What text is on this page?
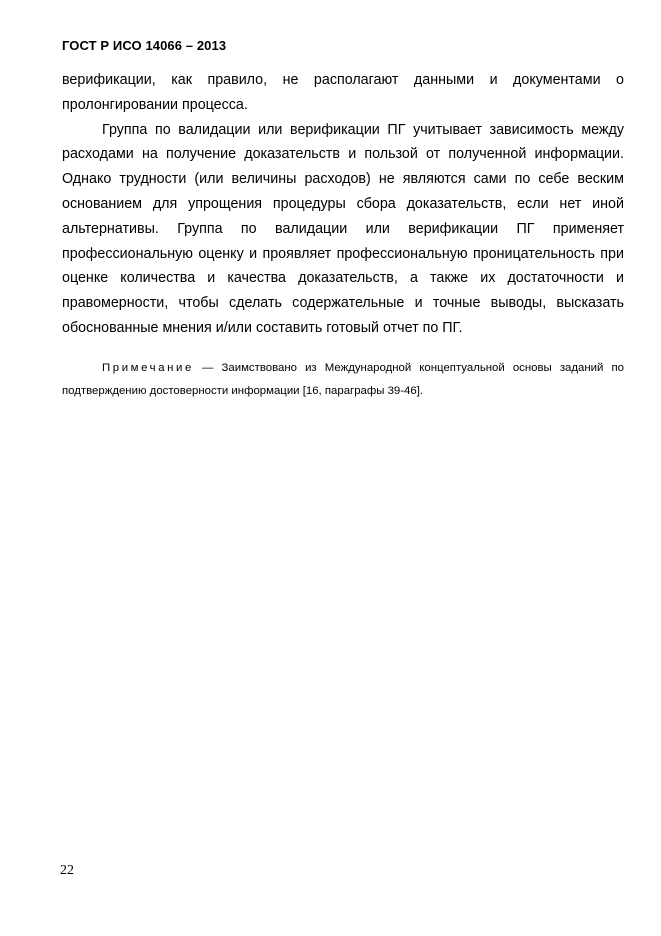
ГОСТ Р ИСО 14066 – 2013

верификации, как правило, не располагают данными и документами о пролонгировании процесса.

Группа по валидации или верификации ПГ учитывает зависимость между расходами на получение доказательств и пользой от полученной информации. Однако трудности (или величины расходов) не являются сами по себе веским основанием для упрощения процедуры сбора доказательств, если нет иной альтернативы. Группа по валидации или верификации ПГ применяет профессиональную оценку и проявляет профессиональную проницательность при оценке количества и качества доказательств, а также их достаточности и правомерности, чтобы сделать содержательные и точные выводы, высказать обоснованные мнения и/или составить готовый отчет по ПГ.

Примечание — Заимствовано из Международной концептуальной основы заданий по подтверждению достоверности информации [16, параграфы 39-46].
22
